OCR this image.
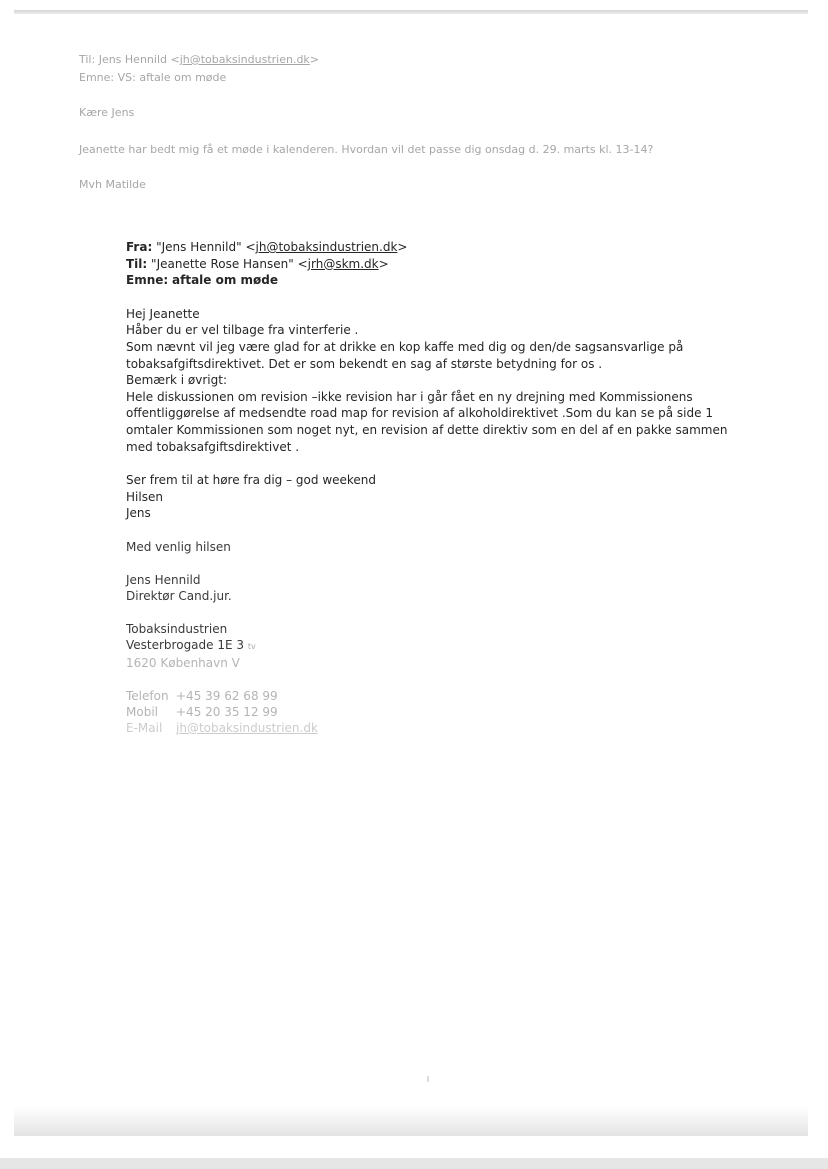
Til: Jens Hennild <jh@tobaksindustrien.dk>
Emne: VS: aftale om møde
Kære Jens
Jeanette har bedt mig få et møde i kalenderen. Hvordan vil det passe dig onsdag d. 29. marts kl. 13-14?
Mvh Matilde

Fra: "Jens Hennild" <jh@tobaksindustrien.dk>

Til: "Jeanette Rose Hansen" <jrh@skm.dk>

Emne: aftale om møde

Hej Jeanette

Håber du er vel tilbage fra vinterferie .

Som nævnt vil jeg være glad for at drikke en kop kaffe med dig og den/de sagsansvarlige på

tobaksafgiftsdirektivet. Det er som bekendt en sag af største betydning for os .

Bemærk i øvrigt:

Hele diskussionen om revision –ikke revision har i går fået en ny drejning med Kommissionens

offentliggørelse af medsendte road map for revision af alkoholdirektivet .Som du kan se på side 1

omtaler Kommissionen som noget nyt, en revision af dette direktiv som en del af en pakke sammen

med tobaksafgiftsdirektivet .

Ser frem til at høre fra dig – god weekend

Hilsen

Jens

Med venlig hilsen

Jens Hennild

Direktør Cand.jur.

Tobaksindustrien

Vesterbrogade 1E 3 tv

1620 København V

Telefon +45 39 62 68 99

Mobil +45 20 35 12 99

E-Mail jh@tobaksindustrien.dk
